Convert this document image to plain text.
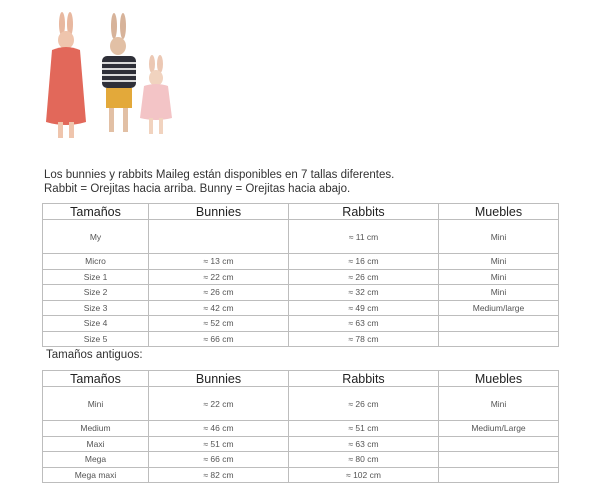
Los bunnies y rabbits Maileg están disponibles en 7 tallas diferentes.
Rabbit = Orejitas hacia arriba. Bunny = Orejitas hacia abajo.
Tamaños	Bunnies	Rabbits	Muebles
My		≈ 11 cm	Mini
Micro	≈ 13 cm	≈ 16 cm	Mini
Size 1	≈ 22 cm	≈ 26 cm	Mini
Size 2	≈ 26 cm	≈ 32 cm	Mini
Size 3	≈ 42 cm	≈ 49 cm	Medium/large
Size 4	≈ 52 cm	≈ 63 cm	
Size 5	≈ 66 cm	≈ 78 cm	
Tamaños antiguos:
Tamaños	Bunnies	Rabbits	Muebles
Mini	≈ 22 cm	≈ 26 cm	Mini
Medium	≈ 46 cm	≈ 51 cm	Medium/Large
Maxi	≈ 51 cm	≈ 63 cm	
Mega	≈ 66 cm	≈ 80 cm	
Mega maxi	≈ 82 cm	≈ 102 cm	
